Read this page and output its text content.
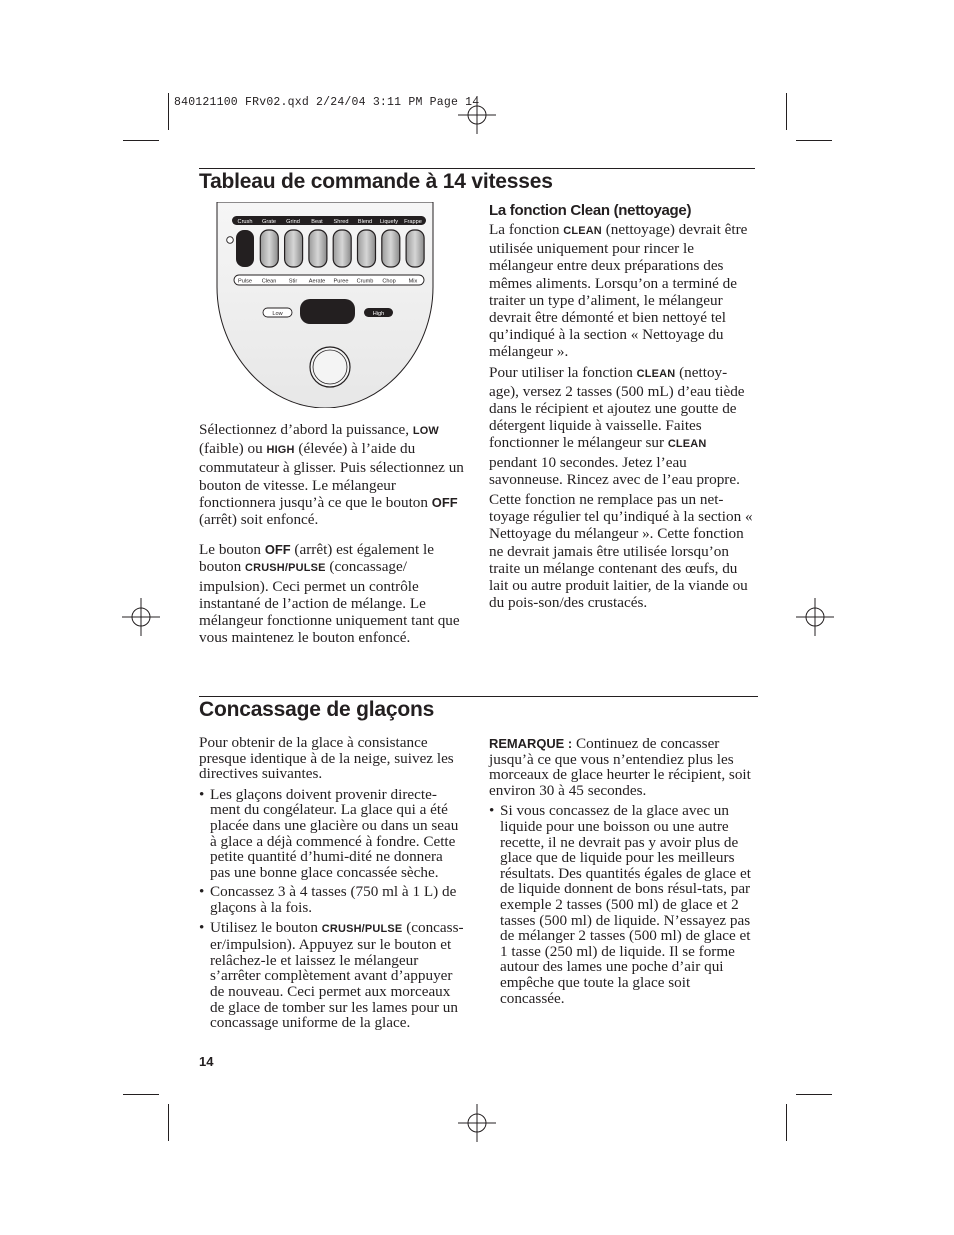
840121100 FRv02.qxd 2/24/04 3:11 PM Page 14
Tableau de commande à 14 vitesses
Crush Grate Grind Beat Shred Blend Liquefy Frappe
Pulse Clean Stir Aerate Puree Crumb Chop Mix
Low	High

Sélectionnez d’abord la puissance, LOW (faible) ou HIGH (élevée) à l’aide du commutateur à glisser. Puis sélectionnez un bouton de vitesse. Le mélangeur fonctionnera jusqu’à ce que le bouton OFF (arrêt) soit enfoncé.

Le bouton OFF (arrêt) est également le bouton CRUSH/PULSE (concassage/ impulsion). Ceci permet un contrôle instantané de l’action de mélange. Le mélangeur fonctionne uniquement tant que vous maintenez le bouton enfoncé.

La fonction Clean (nettoyage)

La fonction CLEAN (nettoyage) devrait être utilisée uniquement pour rincer le mélangeur entre deux préparations des mêmes aliments. Lorsqu’on a terminé de traiter un type d’aliment, le mélangeur devrait être démonté et bien nettoyé tel qu’indiqué à la section « Nettoyage du mélangeur ».

Pour utiliser la fonction CLEAN (nettoy-age), versez 2 tasses (500 mL) d’eau tiède dans le récipient et ajoutez une goutte de détergent liquide à vaisselle. Faites fonctionner le mélangeur sur CLEAN pendant 10 secondes. Jetez l’eau savonneuse. Rincez avec de l’eau propre.

Cette fonction ne remplace pas un net-toyage régulier tel qu’indiqué à la section « Nettoyage du mélangeur ». Cette fonction ne devrait jamais être utilisée lorsqu’on traite un mélange contenant des œufs, du lait ou autre produit laitier, de la viande ou du pois-son/des crustacés.

Concassage de glaçons

Pour obtenir de la glace à consistance presque identique à de la neige, suivez les directives suivantes.

• Les glaçons doivent provenir directe-ment du congélateur. La glace qui a été placée dans une glacière ou dans un seau à glace a déjà commencé à fondre. Cette petite quantité d’humi-dité ne donnera pas une bonne glace concassée sèche.
• Concassez 3 à 4 tasses (750 ml à 1 L) de glaçons à la fois.
• Utilisez le bouton CRUSH/PULSE (concass-er/impulsion). Appuyez sur le bouton et relâchez-le et laissez le mélangeur s’arrêter complètement avant d’appuyer de nouveau. Ceci permet aux morceaux de glace de tomber sur les lames pour un concassage uniforme de la glace.

REMARQUE : Continuez de concasser jusqu’à ce que vous n’entendiez plus les morceaux de glace heurter le récipient, soit environ 30 à 45 secondes.

• Si vous concassez de la glace avec un liquide pour une boisson ou une autre recette, il ne devrait pas y avoir plus de glace que de liquide pour les meilleurs résultats. Des quantités égales de glace et de liquide donnent de bons résul-tats, par exemple 2 tasses (500 ml) de glace et 2 tasses (500 ml) de liquide. N’essayez pas de mélanger 2 tasses (500 ml) de glace et 1 tasse (250 ml) de liquide. Il se forme autour des lames une poche d’air qui empêche que toute la glace soit concassée.
14
